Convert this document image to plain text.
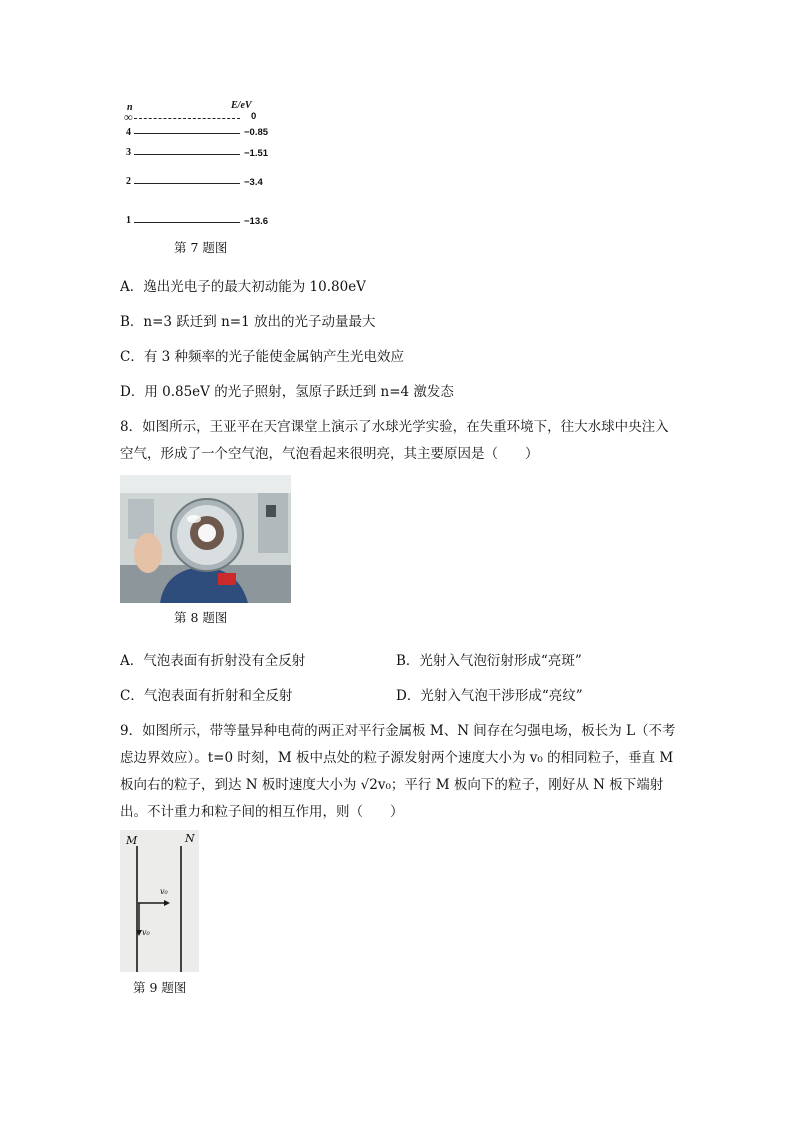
n	E/eV
∞	0
4	−0.85
3	−1.51
2	−3.4
1	−13.6
第 7 题图
A．逸出光电子的最大初动能为 10.80eV
B．n=3 跃迁到 n=1 放出的光子动量最大
C．有 3 种频率的光子能使金属钠产生光电效应
D．用 0.85eV 的光子照射，氢原子跃迁到 n=4 激发态
8．如图所示，王亚平在天宫课堂上演示了水球光学实验，在失重环境下，往大水球中央注入空气，形成了一个空气泡，气泡看起来很明亮，其主要原因是（　　）
第 8 题图
A．气泡表面有折射没有全反射	B．光射入气泡衍射形成“亮斑”
C．气泡表面有折射和全反射	D．光射入气泡干涉形成“亮纹”
9．如图所示，带等量异种电荷的两正对平行金属板 M、N 间存在匀强电场，板长为 L（不考虑边界效应）。t=0 时刻，M 板中点处的粒子源发射两个速度大小为 v₀ 的相同粒子，垂直 M 板向右的粒子，到达 N 板时速度大小为 √2v₀；平行 M 板向下的粒子，刚好从 N 板下端射出。不计重力和粒子间的相互作用，则（　　）
M	N
v₀
v₀
第 9 题图
